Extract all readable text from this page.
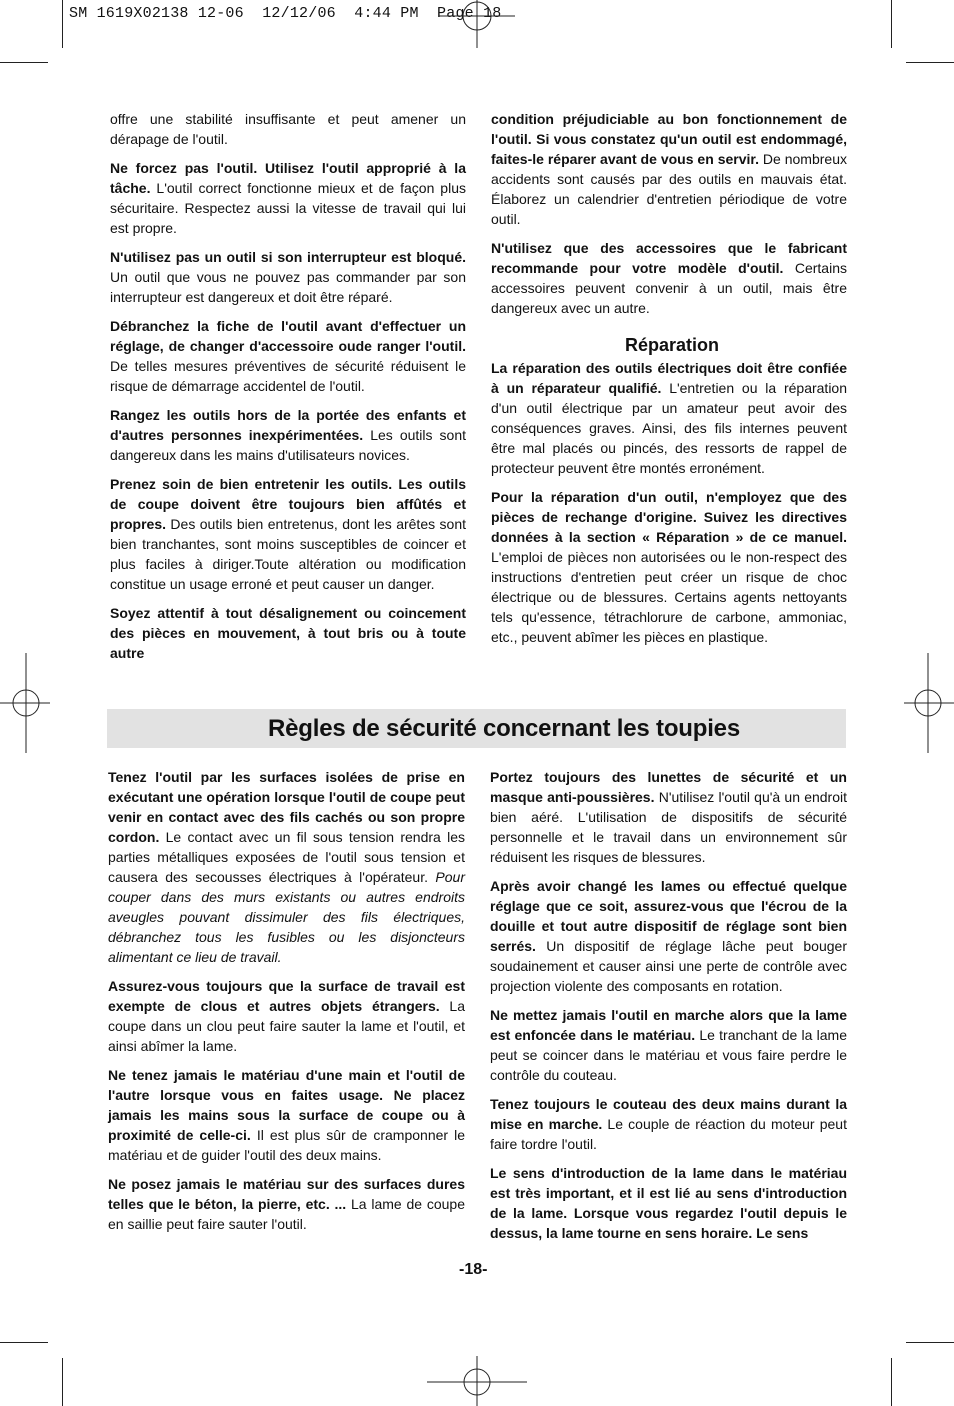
SM 1619X02138 12-06  12/12/06  4:44 PM  Page 18

offre une stabilité insuffisante et peut amener un dérapage de l'outil.

Ne forcez pas l'outil. Utilisez l'outil approprié à la tâche. L'outil correct fonctionne mieux et de façon plus sécuritaire. Respectez aussi la vitesse de travail qui lui est propre.

N'utilisez pas un outil si son interrupteur est bloqué. Un outil que vous ne pouvez pas commander par son interrupteur est dangereux et doit être réparé.

Débranchez la fiche de l'outil avant d'effectuer un réglage, de changer d'accessoire oude ranger l'outil. De telles mesures préventives de sécurité réduisent le risque de démarrage accidentel de l'outil.

Rangez les outils hors de la portée des enfants et d'autres personnes inexpérimentées. Les outils sont dangereux dans les mains d'utilisateurs novices.

Prenez soin de bien entretenir les outils. Les outils de coupe doivent être toujours bien affûtés et propres. Des outils bien entretenus, dont les arêtes sont bien tranchantes, sont moins susceptibles de coincer et plus faciles à diriger.Toute altération ou modification constitue un usage erroné et peut causer un danger.

Soyez attentif à tout désalignement ou coincement des pièces en mouvement, à tout bris ou à toute autre

condition préjudiciable au bon fonctionnement de l'outil. Si vous constatez qu'un outil est endommagé, faites-le réparer avant de vous en servir. De nombreux accidents sont causés par des outils en mauvais état. Élaborez un calendrier d'entretien périodique de votre outil.

N'utilisez que des accessoires que le fabricant recommande pour votre modèle d'outil. Certains accessoires peuvent convenir à un outil, mais être dangereux avec un autre.

Réparation

La réparation des outils électriques doit être confiée à un réparateur qualifié. L'entretien ou la réparation d'un outil électrique par un amateur peut avoir des conséquences graves. Ainsi, des fils internes peuvent être mal placés ou pincés, des ressorts de rappel de protecteur peuvent être montés erronément.

Pour la réparation d'un outil, n'employez que des pièces de rechange d'origine. Suivez les directives données à la section « Réparation » de ce manuel. L'emploi de pièces non autorisées ou le non-respect des instructions d'entretien peut créer un risque de choc électrique ou de blessures. Certains agents nettoyants tels qu'essence, tétrachlorure de carbone, ammoniac, etc., peuvent abîmer les pièces en plastique.

Règles de sécurité concernant les toupies

Tenez l'outil par les surfaces isolées de prise en exécutant une opération lorsque l'outil de coupe peut venir en contact avec des fils cachés ou son propre cordon. Le contact avec un fil sous tension rendra les parties métalliques exposées de l'outil sous tension et causera des secousses électriques à l'opérateur. Pour couper dans des murs existants ou autres endroits aveugles pouvant dissimuler des fils électriques, débranchez tous les fusibles ou les disjoncteurs alimentant ce lieu de travail.

Assurez-vous toujours que la surface de travail est exempte de clous et autres objets étrangers. La coupe dans un clou peut faire sauter la lame et l'outil, et ainsi abîmer la lame.

Ne tenez jamais le matériau d'une main et l'outil de l'autre lorsque vous en faites usage. Ne placez jamais les mains sous la surface de coupe ou à proximité de celle-ci. Il est plus sûr de cramponner le matériau et de guider l'outil des deux mains.

Ne posez jamais le matériau sur des surfaces dures telles que le béton, la pierre, etc. ... La lame de coupe en saillie peut faire sauter l'outil.

Portez toujours des lunettes de sécurité et un masque anti-poussières. N'utilisez l'outil qu'à un endroit bien aéré. L'utilisation de dispositifs de sécurité personnelle et le travail dans un environnement sûr réduisent les risques de blessures.

Après avoir changé les lames ou effectué quelque réglage que ce soit, assurez-vous que l'écrou de la douille et tout autre dispositif de réglage sont bien serrés. Un dispositif de réglage lâche peut bouger soudainement et causer ainsi une perte de contrôle avec projection violente des composants en rotation.

Ne mettez jamais l'outil en marche alors que la lame est enfoncée dans le matériau. Le tranchant de la lame peut se coincer dans le matériau et vous faire perdre le contrôle du couteau.

Tenez toujours le couteau des deux mains durant la mise en marche. Le couple de réaction du moteur peut faire tordre l'outil.

Le sens d'introduction de la lame dans le matériau est très important, et il est lié au sens d'introduction de la lame. Lorsque vous regardez l'outil depuis le dessus, la lame tourne en sens horaire. Le sens

-18-
